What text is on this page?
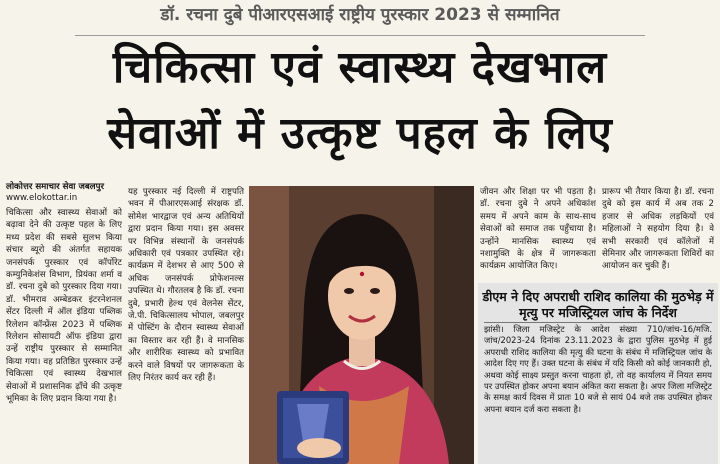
डॉ. रचना दुबे पीआरएसआई राष्ट्रीय पुरस्कार 2023 से सम्मानित
चिकित्सा एवं स्वास्थ्य देखभाल
सेवाओं में उत्कृष्ट पहल के लिए
लोकोत्तर समाचार सेवा जबलपुर
www.elokottar.in

चिकित्सा और स्वास्थ्य सेवाओं को बढ़ावा देने की उत्कृष्ट पहल के लिए मध्य प्रदेश की सबसे सुलभ किया संचार ब्यूरो की अंतर्गत सहायक जनसंपर्क पुरस्कार एवं कॉर्पोरेट कम्युनिकेशंस विभाग, प्रियंका शर्मा व डॉ. रचना दुबे को पुरस्कार दिया गया। डॉ. भीमराव अम्बेडकर इंटरनेशनल सेंटर दिल्ली में ऑल इंडिया पब्लिक रिलेशन कॉन्फ्रेंस 2023 में पब्लिक रिलेशन सोसायटी ऑफ इंडिया द्वारा उन्हें राष्ट्रीय पुरस्कार से सम्मानित किया गया। वह प्रतिष्ठित पुरस्कार उन्हें चिकित्सा एवं स्वास्थ्य देखभाल सेवाओं में प्रशासनिक ढ़ाँचे की उत्कृष्ट भूमिका के लिए प्रदान किया गया है।

यह पुरस्कार नई दिल्ली में राष्ट्रपति भवन में पीआरएसआई संरक्षक डॉ. सोमेश भारद्वाज एवं अन्य अतिथियों द्वारा प्रदान किया गया। इस अवसर पर विभिन्न संस्थानों के जनसंपर्क अधिकारी एवं पत्रकार उपस्थित रहे। कार्यक्रम में देशभर से आए 500 से अधिक जनसंपर्क प्रोफेशनल्स उपस्थित थे। गौरतलब है कि डॉ. रचना दुबे, प्रभारी हेल्थ एवं वेलनेस सेंटर, जे.पी. चिकित्सालय भोपाल, जबलपुर में पोस्टिंग के दौरान स्वास्थ्य सेवाओं का विस्तार कर रही हैं। वे मानसिक और शारीरिक स्वास्थ्य को प्रभावित करने वाले विषयों पर जागरूकता के लिए निरंतर कार्य कर रही हैं।

जीवन और शिक्षा पर भी पड़ता है। डॉ. रचना दुबे ने अपने अधिकांश समय में अपने काम के साथ-साथ सेवाओं को समाज तक पहुँचाया है। उन्होंने मानसिक स्वास्थ्य एवं नशामुक्ति के क्षेत्र में जागरूकता कार्यक्रम आयोजित किए।

प्रारूप भी तैयार किया है। डॉ. रचना दुबे को इस कार्य में अब तक 2 हजार से अधिक लड़कियों एवं महिलाओं ने सहयोग दिया है। वे सभी सरकारी एवं कॉलेजों में सेमिनार और जागरूकता शिविरों का आयोजन कर चुकी हैं।

डीएम ने दिए अपराधी राशिद कालिया की मुठभेड़ में मृत्यु पर मजिस्ट्रियल जांच के निर्देश
झांसी। जिला मजिस्ट्रेट के आदेश संख्या 710/जांच-16/मजि. जांच/2023-24 दिनांक 23.11.2023 के द्वारा पुलिस मुठभेड़ में हुई अपराधी राशिद कालिया की मृत्यु की घटना के संबंध में मजिस्ट्रियल जांच के आदेश दिए गए हैं। उक्त घटना के संबंध में यदि किसी को कोई जानकारी हो, अथवा कोई साक्ष्य प्रस्तुत करना चाहता हो, तो वह कार्यालय में नियत समय पर उपस्थित होकर अपना बयान अंकित करा सकता है। अपर जिला मजिस्ट्रेट के समक्ष कार्य दिवस में प्रातः 10 बजे से सायं 04 बजे तक उपस्थित होकर अपना बयान दर्ज करा सकता है।
